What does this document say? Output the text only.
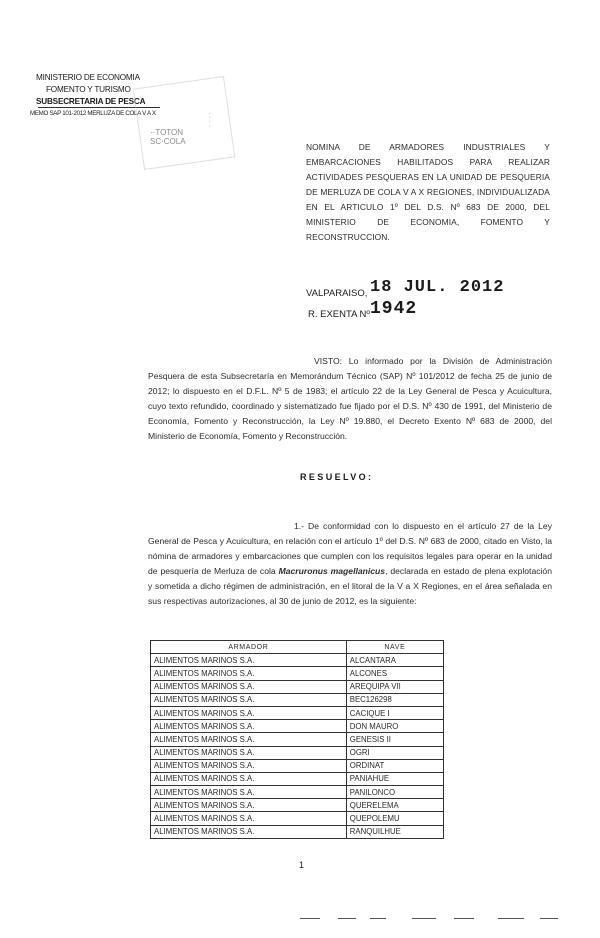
MINISTERIO DE ECONOMIA
FOMENTO Y TURISMO
SUBSECRETARIA DE PESCA
MEMO SAP 101-2012 MERLUZA DE COLA V A X
··TOTON
SC·COLA
· · · ·
NOMINA DE ARMADORES INDUSTRIALES Y EMBARCACIONES HABILITADOS PARA REALIZAR ACTIVIDADES PESQUERAS EN LA UNIDAD DE PESQUERIA DE MERLUZA DE COLA V A X REGIONES, INDIVIDUALIZADA EN EL ARTICULO 1º DEL D.S. Nº 683 DE 2000, DEL MINISTERIO DE ECONOMIA, FOMENTO Y RECONSTRUCCION.
VALPARAISO, 18 JUL. 2012
R. EXENTA Nº 1942
VISTO: Lo informado por la División de Administración Pesquera de esta Subsecretaría en Memorándum Técnico (SAP) Nº 101/2012 de fecha 25 de junio de 2012; lo dispuesto en el D.F.L. Nº 5 de 1983; el artículo 22 de la Ley General de Pesca y Acuicultura, cuyo texto refundido, coordinado y sistematizado fue fijado por el D.S. Nº 430 de 1991, del Ministerio de Economía, Fomento y Reconstrucción, la Ley Nº 19.880, el Decreto Exento Nº 683 de 2000, del Ministerio de Economía, Fomento y Reconstrucción.
RESUELVO:
1.- De conformidad con lo dispuesto en el artículo 27 de la Ley General de Pesca y Acuicultura, en relación con el artículo 1º del D.S. Nº 683 de 2000, citado en Visto, la nómina de armadores y embarcaciones que cumplen con los requisitos legales para operar en la unidad de pesquería de Merluza de cola Macruronus magellanicus, declarada en estado de plena explotación y sometida a dicho régimen de administración, en el litoral de la V a X Regiones, en el área señalada en sus respectivas autorizaciones, al 30 de junio de 2012, es la siguiente:
ARMADOR	NAVE
ALIMENTOS MARINOS S.A.	ALCANTARA
ALIMENTOS MARINOS S.A.	ALCONES
ALIMENTOS MARINOS S.A.	AREQUIPA VII
ALIMENTOS MARINOS S.A.	BEC126298
ALIMENTOS MARINOS S.A.	CACIQUE I
ALIMENTOS MARINOS S.A.	DON MAURO
ALIMENTOS MARINOS S.A.	GENESIS II
ALIMENTOS MARINOS S.A.	OGRI
ALIMENTOS MARINOS S.A.	ORDINAT
ALIMENTOS MARINOS S.A.	PANIAHUE
ALIMENTOS MARINOS S.A.	PANILONCO
ALIMENTOS MARINOS S.A.	QUERELEMA
ALIMENTOS MARINOS S.A.	QUEPOLEMU
ALIMENTOS MARINOS S.A.	RANQUILHUE
1
